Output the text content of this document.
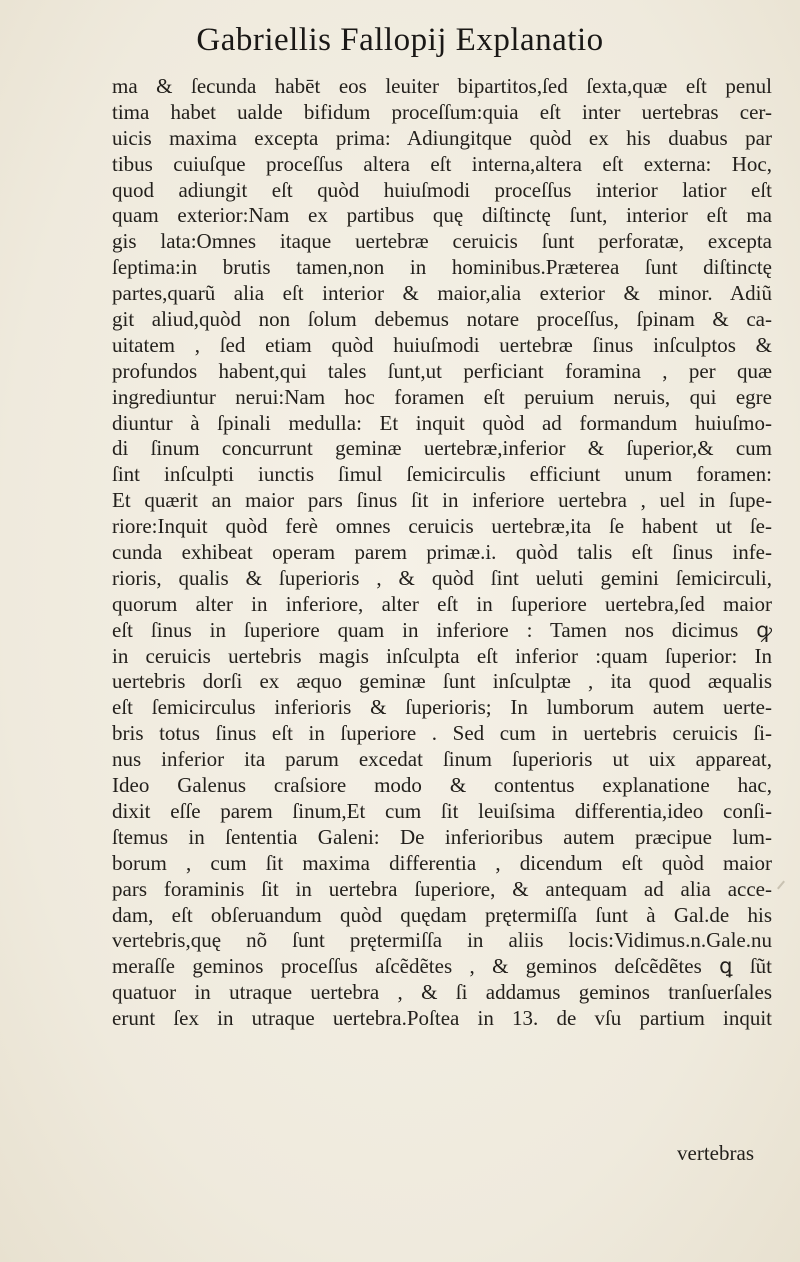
Gabriellis Fallopij Explanatio
ma & ſecunda habēt eos leuiter bipartitos,ſed ſexta,quæ eſt penul
tima habet ualde bifidum proceſſum:quia eſt inter uertebras cer-
uicis maxima excepta prima: Adiungitque quòd ex his duabus par
tibus cuiuſque proceſſus altera eſt interna,altera eſt externa: Hoc,
quod adiungit eſt quòd huiuſmodi proceſſus interior latior eſt
quam exterior:Nam ex partibus quę diſtinctę ſunt, interior eſt ma
gis lata:Omnes itaque uertebræ ceruicis ſunt perforatæ, excepta
ſeptima:in brutis tamen,non in hominibus.Præterea ſunt diſtinctę
partes,quarũ alia eſt interior & maior,alia exterior & minor. Adiũ
git aliud,quòd non ſolum debemus notare proceſſus, ſpinam & ca-
uitatem , ſed etiam quòd huiuſmodi uertebræ ſinus inſculptos &
profundos habent,qui tales ſunt,ut perficiant foramina , per quæ
ingrediuntur nerui:Nam hoc foramen eſt peruium neruis, qui egre
diuntur à ſpinali medulla: Et inquit quòd ad formandum huiuſmo-
di ſinum concurrunt geminæ uertebræ,inferior & ſuperior,& cum
ſint inſculpti iunctis ſimul ſemicirculis efficiunt unum foramen:
Et quærit an maior pars ſinus ſit in inferiore uertebra , uel in ſupe-
riore:Inquit quòd ferè omnes ceruicis uertebræ,ita ſe habent ut ſe-
cunda exhibeat operam parem primæ.i. quòd talis eſt ſinus infe-
rioris, qualis & ſuperioris , & quòd ſint ueluti gemini ſemicirculi,
quorum alter in inferiore, alter eſt in ſuperiore uertebra,ſed maior
eſt ſinus in ſuperiore quam in inferiore : Tamen nos dicimus ꝙ
in ceruicis uertebris magis inſculpta eſt inferior :quam ſuperior: In
uertebris dorſi ex æquo geminæ ſunt inſculptæ , ita quod æqualis
eſt ſemicirculus inferioris & ſuperioris; In lumborum autem uerte-
bris totus ſinus eſt in ſuperiore . Sed cum in uertebris ceruicis ſi-
nus inferior ita parum excedat ſinum ſuperioris ut uix appareat,
Ideo Galenus craſsiore modo & contentus explanatione hac,
dixit eſſe parem ſinum,Et cum ſit leuiſsima differentia,ideo conſi-
ſtemus in ſententia Galeni: De inferioribus autem præcipue lum-
borum , cum ſit maxima differentia , dicendum eſt quòd maior
pars foraminis ſit in uertebra ſuperiore, & antequam ad alia acce-
dam, eſt obſeruandum quòd quędam prętermiſſa ſunt à Gal.de his
vertebris,quę nõ ſunt prętermiſſa in aliis locis:Vidimus.n.Gale.nu
meraſſe geminos proceſſus aſcẽdẽtes , & geminos deſcẽdẽtes ꝗ ſũt
quatuor in utraque uertebra , & ſi addamus geminos tranſuerſales
erunt ſex in utraque uertebra.Poſtea in 13. de vſu partium inquit
vertebras
